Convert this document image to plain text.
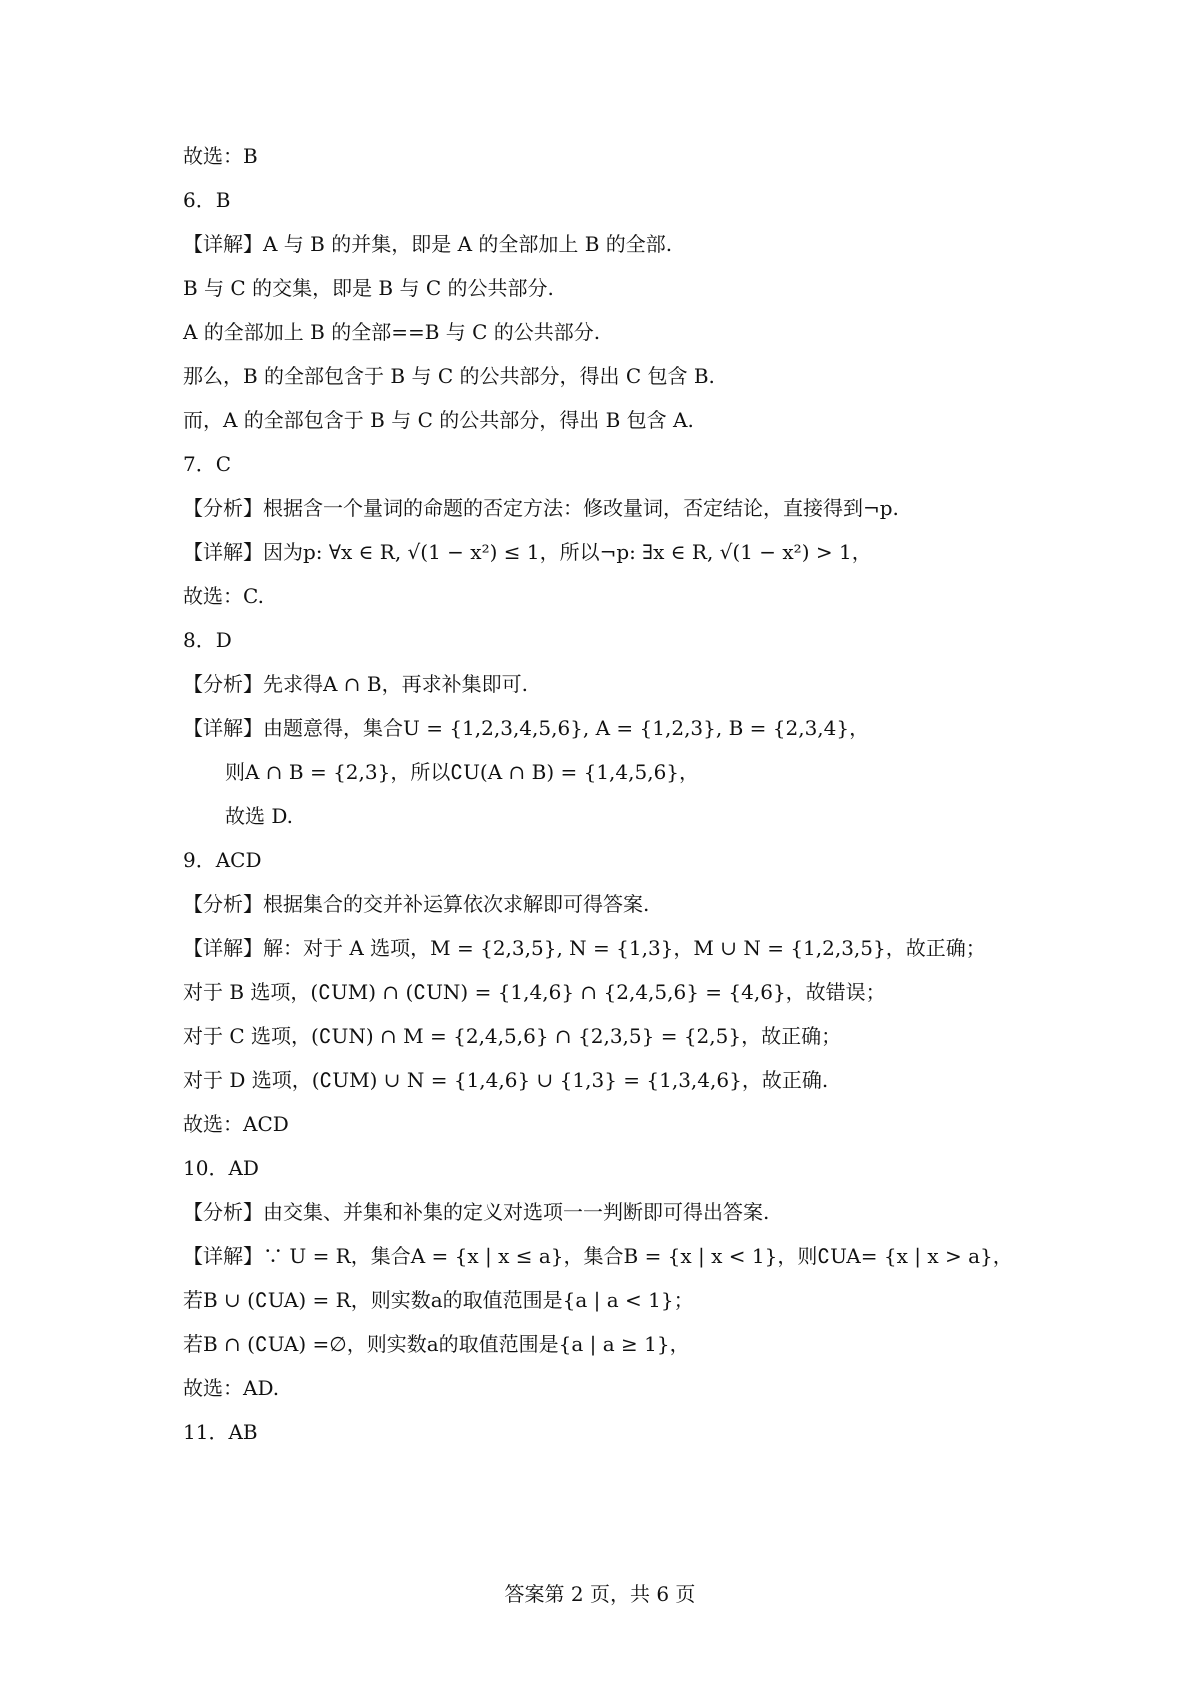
故选：B
6．B
【详解】A 与 B 的并集，即是 A 的全部加上 B 的全部.
B 与 C 的交集，即是 B 与 C 的公共部分.
A 的全部加上 B 的全部==B 与 C 的公共部分.
那么，B 的全部包含于 B 与 C 的公共部分，得出 C 包含 B.
而，A 的全部包含于 B 与 C 的公共部分，得出 B 包含 A.
7．C
【分析】根据含一个量词的命题的否定方法：修改量词，否定结论，直接得到¬p.
【详解】因为p: ∀x ∈ R, √(1 − x²) ≤ 1，所以¬p: ∃x ∈ R, √(1 − x²) > 1，
故选：C.
8．D
【分析】先求得A ∩ B，再求补集即可.
【详解】由题意得，集合U = {1,2,3,4,5,6}, A = {1,2,3}, B = {2,3,4}，
则A ∩ B = {2,3}，所以∁U(A ∩ B) = {1,4,5,6}，
故选 D.
9．ACD
【分析】根据集合的交并补运算依次求解即可得答案.
【详解】解：对于 A 选项，M = {2,3,5}, N = {1,3}，M ∪ N = {1,2,3,5}，故正确；
对于 B 选项，(∁UM) ∩ (∁UN) = {1,4,6} ∩ {2,4,5,6} = {4,6}，故错误；
对于 C 选项，(∁UN) ∩ M = {2,4,5,6} ∩ {2,3,5} = {2,5}，故正确；
对于 D 选项，(∁UM) ∪ N = {1,4,6} ∪ {1,3} = {1,3,4,6}，故正确.
故选：ACD
10．AD
【分析】由交集、并集和补集的定义对选项一一判断即可得出答案.
【详解】∵ U = R，集合A = {x | x ≤ a}，集合B = {x | x < 1}，则∁UA= {x | x > a}，
若B ∪ (∁UA) = R，则实数a的取值范围是{a | a < 1}；
若B ∩ (∁UA) =∅，则实数a的取值范围是{a | a ≥ 1}，
故选：AD.
11．AB
答案第 2 页，共 6 页
